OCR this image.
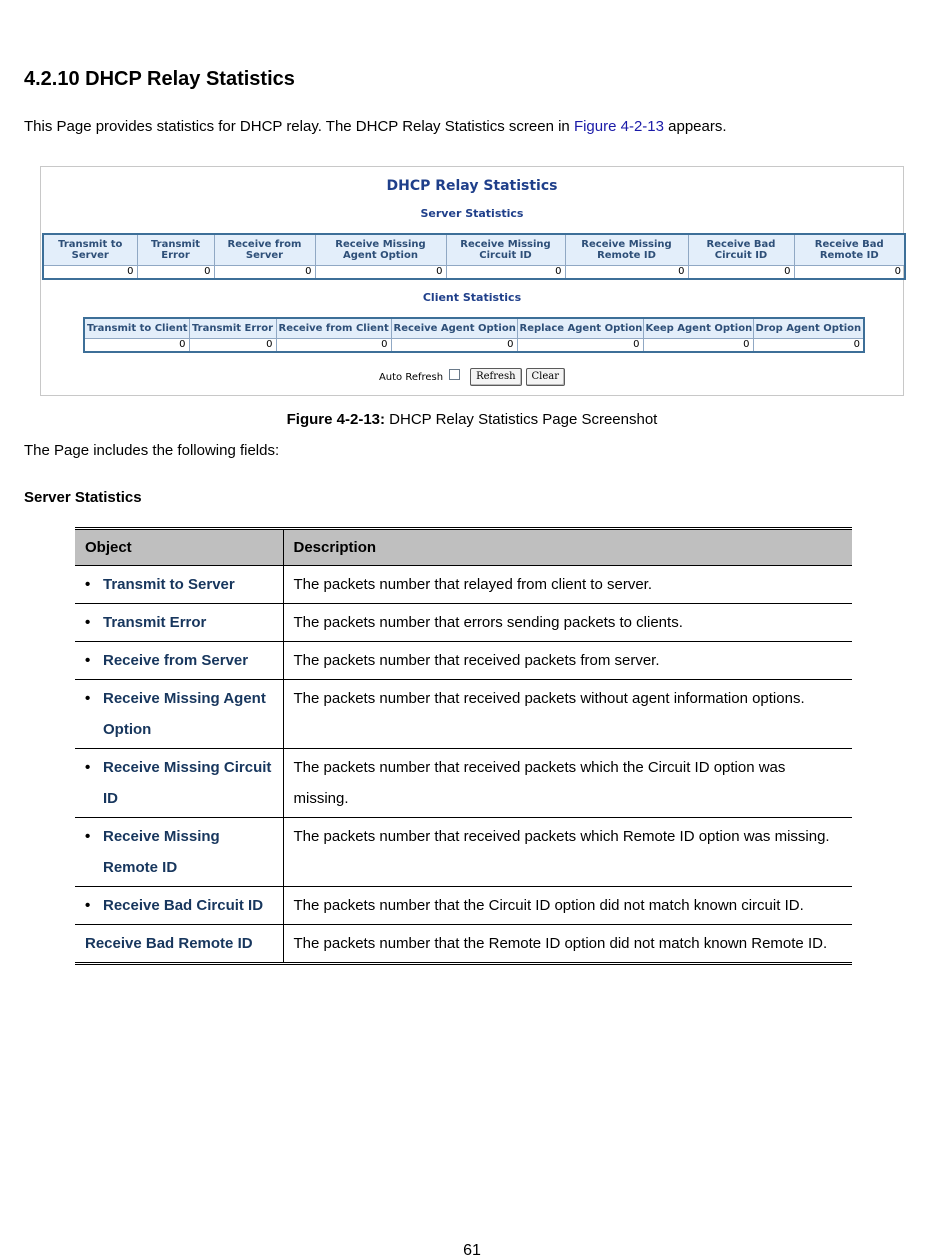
4.2.10 DHCP Relay Statistics

This Page provides statistics for DHCP relay. The DHCP Relay Statistics screen in Figure 4-2-13 appears.

DHCP Relay Statistics
Server Statistics
Transmit to Server	Transmit Error	Receive from Server	Receive Missing Agent Option	Receive Missing Circuit ID	Receive Missing Remote ID	Receive Bad Circuit ID	Receive Bad Remote ID
0	0	0	0	0	0	0	0
Client Statistics
Transmit to Client	Transmit Error	Receive from Client	Receive Agent Option	Replace Agent Option	Keep Agent Option	Drop Agent Option
0	0	0	0	0	0	0
Auto Refresh	Refresh	Clear

Figure 4-2-13: DHCP Relay Statistics Page Screenshot

The Page includes the following fields:

Server Statistics

Object	Description

• Transmit to Server	The packets number that relayed from client to server.

• Transmit Error	The packets number that errors sending packets to clients.

• Receive from Server	The packets number that received packets from server.

• Receive Missing Agent Option	The packets number that received packets without agent information options.

• Receive Missing Circuit ID	The packets number that received packets which the Circuit ID option was missing.

• Receive Missing Remote ID	The packets number that received packets which Remote ID option was missing.

• Receive Bad Circuit ID	The packets number that the Circuit ID option did not match known circuit ID.
Receive Bad Remote ID	The packets number that the Remote ID option did not match known Remote ID.

61
